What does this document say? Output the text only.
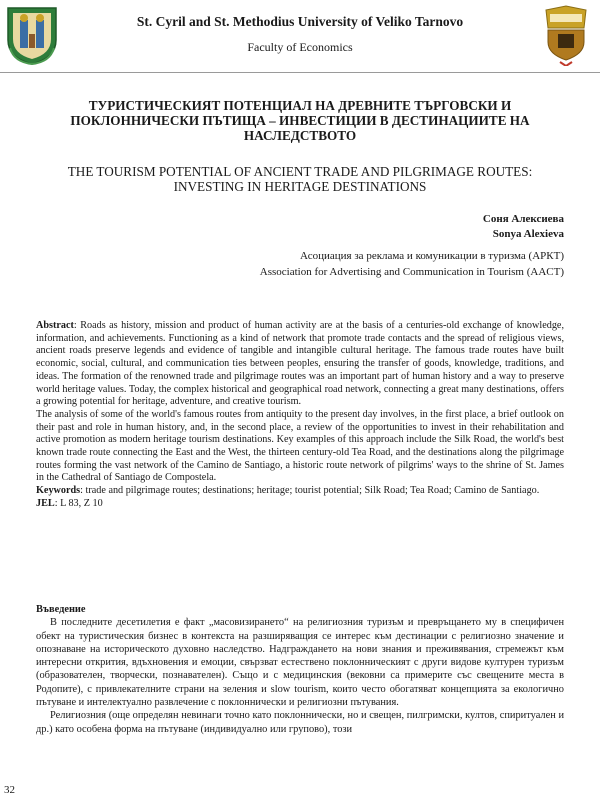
St. Cyril and St. Methodius University of Veliko Tarnovo
Faculty of Economics
ТУРИСТИЧЕСКИЯТ ПОТЕНЦИАЛ НА ДРЕВНИТЕ ТЪРГОВСКИ И ПОКЛОННИЧЕСКИ ПЪТИЩА – ИНВЕСТИЦИИ В ДЕСТИНАЦИИТЕ НА НАСЛЕДСТВОТО
THE TOURISM POTENTIAL OF ANCIENT TRADE AND PILGRIMAGE ROUTES: INVESTING IN HERITAGE DESTINATIONS
Соня Алексиева
Sonya Alexieva
Асоциация за реклама и комуникации в туризма (АРКТ)
Association for Advertising and Communication in Tourism (AACT)

Abstract: Roads as history, mission and product of human activity are at the basis of a centuries-old exchange of knowledge, information, and achievements. Functioning as a kind of network that promote trade contacts and the spread of religious views, ancient roads preserve legends and evidence of tangible and intangible cultural heritage. The famous trade routes have built economic, social, cultural, and communication ties between peoples, ensuring the transfer of goods, knowledge, traditions, and ideas. The formation of the renowned trade and pilgrimage routes was an important part of human history and a way to preserve world heritage values. Today, the complex historical and geographical road network, connecting a great many destinations, offers a growing potential for heritage, adventure, and creative tourism.

The analysis of some of the world's famous routes from antiquity to the present day involves, in the first place, a brief outlook on their past and role in human history, and, in the second place, a review of the opportunities to invest in their rehabilitation and active promotion as modern heritage tourism destinations. Key examples of this approach include the Silk Road, the world's best known trade route connecting the East and the West, the thirteen century-old Tea Road, and the destinations along the pilgrimage routes forming the vast network of the Camino de Santiago, a historic route network of pilgrims' ways to the shrine of St. James in the Cathedral of Santiago de Compostela.

Keywords: trade and pilgrimage routes; destinations; heritage; tourist potential; Silk Road; Tea Road; Camino de Santiago.

JEL: L 83, Z 10

Въведение

В последните десетилетия е факт „масовизирането“ на религиозния туризъм и превръщането му в специфичен обект на туристическия бизнес в контекста на разширяващия се интерес към дестинации с религиозно значение и опознаване на историческото духовно наследство. Надграждането на нови знания и преживявания, стремежът към интересни открития, вдъхновения и емоции, свързват естествено поклонническият с други видове културен туризъм (образователен, творчески, познавателен). Също и с медицинския (вековни са примерите със свещените места в Родопите), с привлекателните страни на зеления и slow tourism, които често обогатяват концепцията за екологично пътуване и интелектуално развлечение с поклоннически и религиозни пътувания.

Религиозния (още определян невинаги точно като поклоннически, но и свещен, пилгримски, култов, спиритуален и др.) като особена форма на пътуване (индивидуално или групово), този

32
